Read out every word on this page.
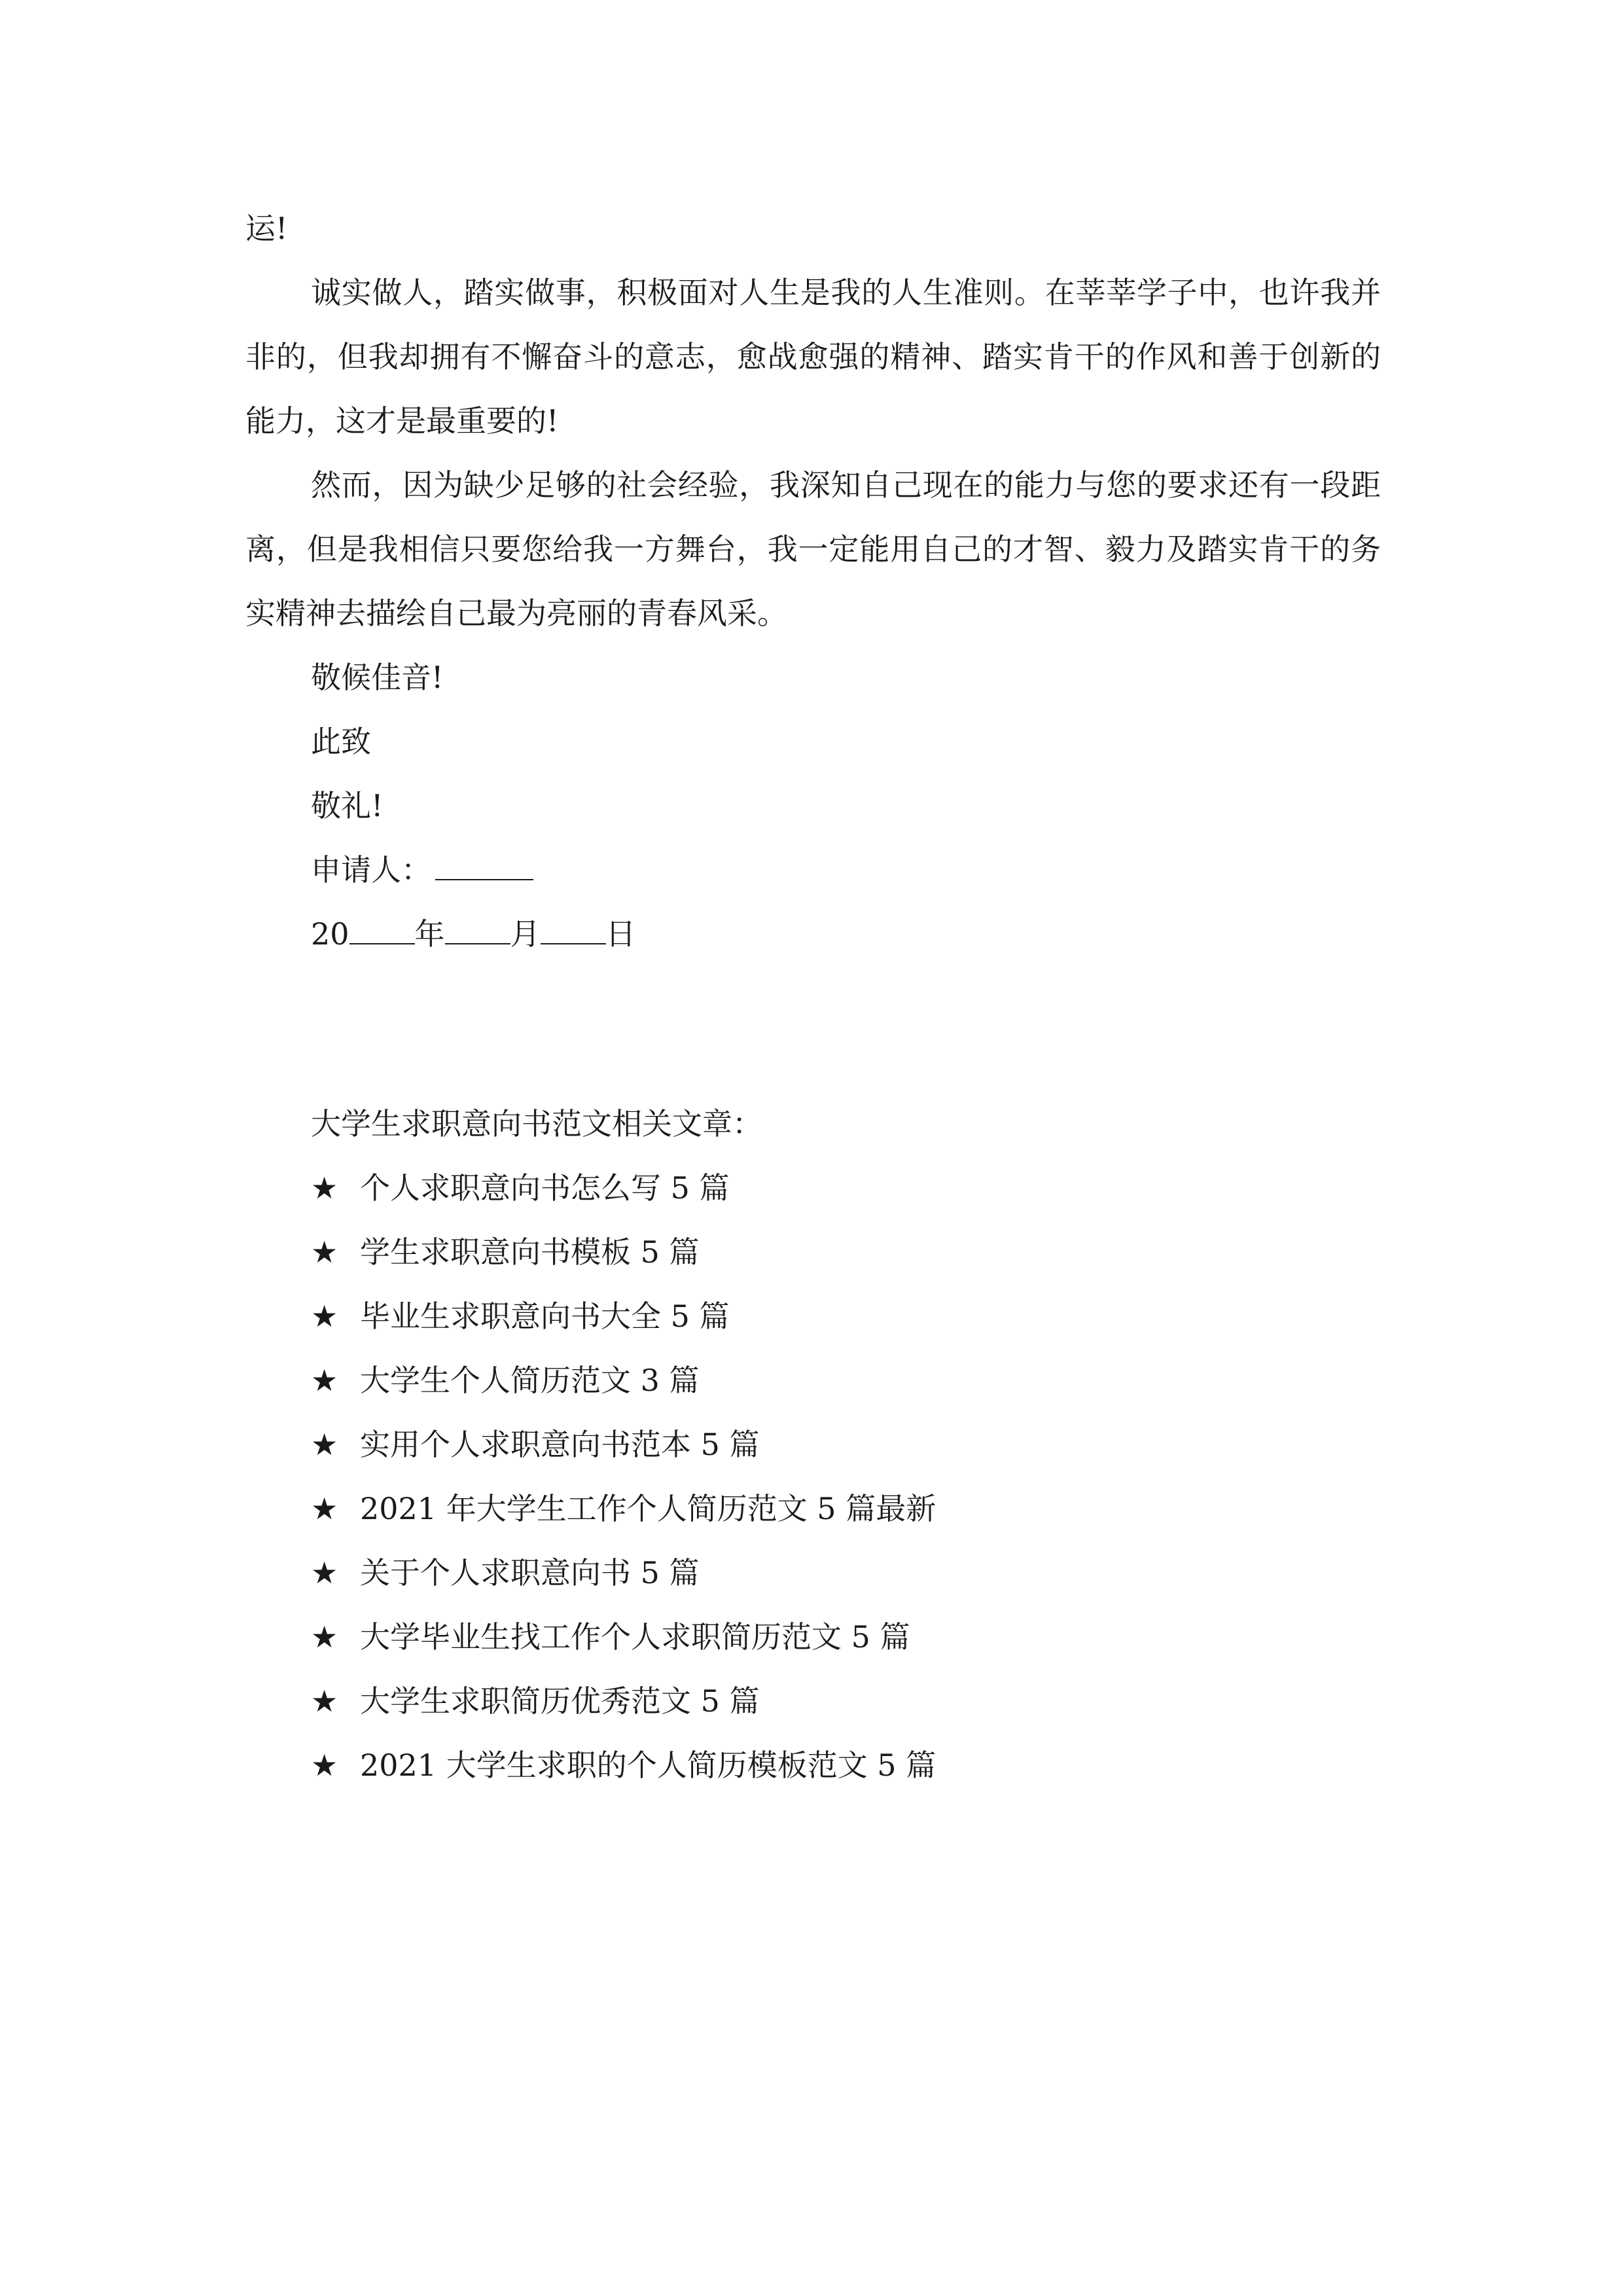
运!

诚实做人，踏实做事，积极面对人生是我的人生准则。在莘莘学子中，也许我并非的，但我却拥有不懈奋斗的意志，愈战愈强的精神、踏实肯干的作风和善于创新的能力，这才是最重要的!

然而，因为缺少足够的社会经验，我深知自己现在的能力与您的要求还有一段距离，但是我相信只要您给我一方舞台，我一定能用自己的才智、毅力及踏实肯干的务实精神去描绘自己最为亮丽的青春风采。

敬候佳音!

此致

敬礼!

申请人：

20 年 月 日

大学生求职意向书范文相关文章：

★ 个人求职意向书怎么写 5 篇
★ 学生求职意向书模板 5 篇
★ 毕业生求职意向书大全 5 篇
★ 大学生个人简历范文 3 篇
★ 实用个人求职意向书范本 5 篇
★ 2021 年大学生工作个人简历范文 5 篇最新
★ 关于个人求职意向书 5 篇
★ 大学毕业生找工作个人求职简历范文 5 篇
★ 大学生求职简历优秀范文 5 篇
★ 2021 大学生求职的个人简历模板范文 5 篇
